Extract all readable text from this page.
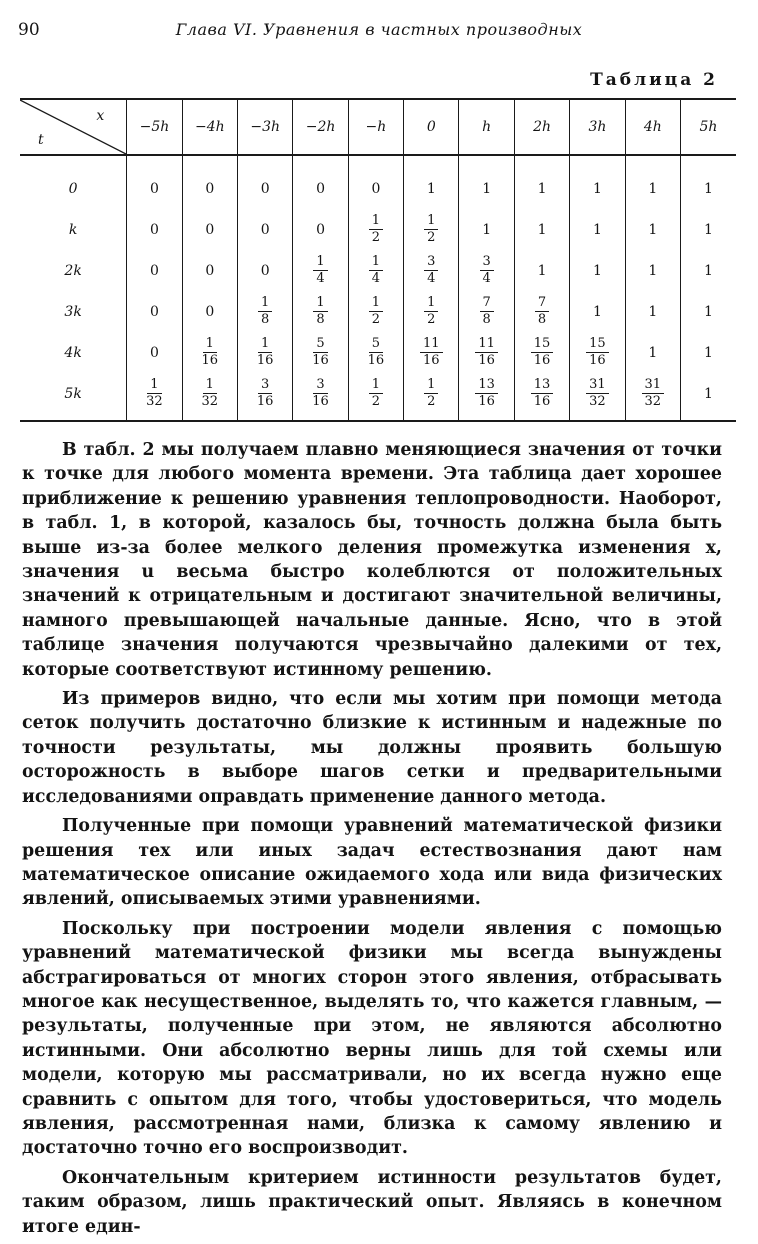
90	Глава VI. Уравнения в частных производных
Таблица 2
x
t	−5h	−4h	−3h	−2h	−h	0	h	2h	3h	4h	5h
0	0	0	0	0	0	1	1	1	1	1	1
k	0	0	0	0	$\frac{1}{2}$	$\frac{1}{2}$	1	1	1	1	1
2k	0	0	0	$\frac{1}{4}$	$\frac{1}{4}$	$\frac{3}{4}$	$\frac{3}{4}$	1	1	1	1
3k	0	0	$\frac{1}{8}$	$\frac{1}{8}$	$\frac{1}{2}$	$\frac{1}{2}$	$\frac{7}{8}$	$\frac{7}{8}$	1	1	1
4k	0	$\frac{1}{16}$	$\frac{1}{16}$	$\frac{5}{16}$	$\frac{5}{16}$	$\frac{11}{16}$	$\frac{11}{16}$	$\frac{15}{16}$	$\frac{15}{16}$	1	1
5k	$\frac{1}{32}$	$\frac{1}{32}$	$\frac{3}{16}$	$\frac{3}{16}$	$\frac{1}{2}$	$\frac{1}{2}$	$\frac{13}{16}$	$\frac{13}{16}$	$\frac{31}{32}$	$\frac{31}{32}$	1

В табл. 2 мы получаем плавно меняющиеся значения от точки к точке для любого момента времени. Эта таблица дает хорошее приближение к решению уравнения теплопроводности. Наоборот, в табл. 1, в которой, казалось бы, точность должна была быть выше из-за более мелкого деления промежутка изменения x, значения u весьма быстро колеблются от положительных значений к отрицательным и достигают значительной величины, намного превышающей начальные данные. Ясно, что в этой таблице значения получаются чрезвычайно далекими от тех, которые соответствуют истинному решению.

Из примеров видно, что если мы хотим при помощи метода сеток получить достаточно близкие к истинным и надежные по точности результаты, мы должны проявить большую осторожность в выборе шагов сетки и предварительными исследованиями оправдать применение данного метода.

Полученные при помощи уравнений математической физики решения тех или иных задач естествознания дают нам математическое описание ожидаемого хода или вида физических явлений, описываемых этими уравнениями.

Поскольку при построении модели явления с помощью уравнений математической физики мы всегда вынуждены абстрагироваться от многих сторон этого явления, отбрасывать многое как несущественное, выделять то, что кажется главным, — результаты, полученные при этом, не являются абсолютно истинными. Они абсолютно верны лишь для той схемы или модели, которую мы рассматривали, но их всегда нужно еще сравнить с опытом для того, чтобы удостовериться, что модель явления, рассмотренная нами, близка к самому явлению и достаточно точно его воспроизводит.

Окончательным критерием истинности результатов будет, таким образом, лишь практический опыт. Являясь в конечном итоге един-
